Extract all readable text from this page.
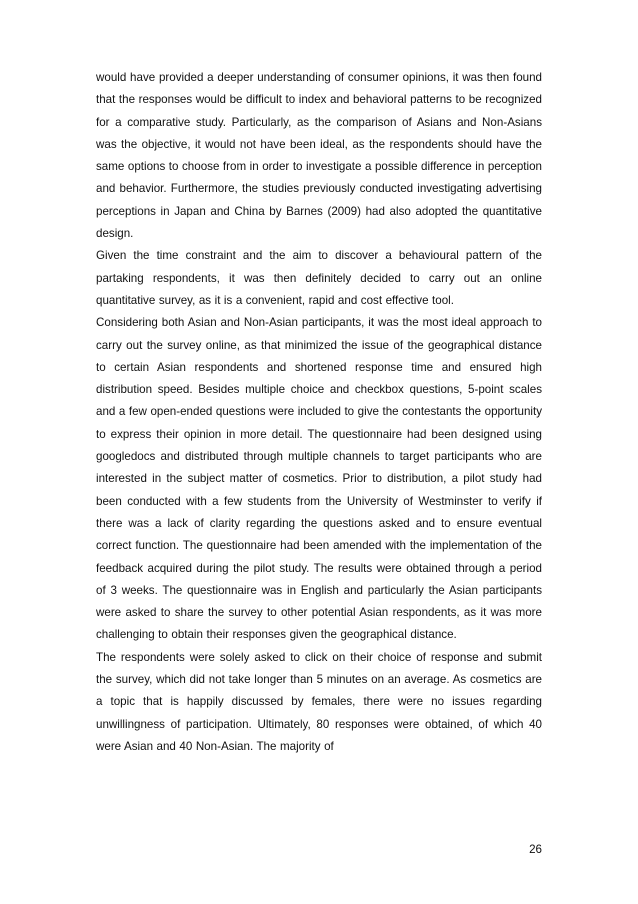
would have provided a deeper understanding of consumer opinions, it was then found that the responses would be difficult to index and behavioral patterns to be recognized for a comparative study. Particularly, as the comparison of Asians and Non-Asians was the objective, it would not have been ideal, as the respondents should have the same options to choose from in order to investigate a possible difference in perception and behavior. Furthermore, the studies previously conducted investigating advertising perceptions in Japan and China by Barnes (2009) had also adopted the quantitative design.

Given the time constraint and the aim to discover a behavioural pattern of the partaking respondents, it was then definitely decided to carry out an online quantitative survey, as it is a convenient, rapid and cost effective tool.

Considering both Asian and Non-Asian participants, it was the most ideal approach to carry out the survey online, as that minimized the issue of the geographical distance to certain Asian respondents and shortened response time and ensured high distribution speed. Besides multiple choice and checkbox questions, 5-point scales and a few open-ended questions were included to give the contestants the opportunity to express their opinion in more detail. The questionnaire had been designed using googledocs and distributed through multiple channels to target participants who are interested in the subject matter of cosmetics. Prior to distribution, a pilot study had been conducted with a few students from the University of Westminster to verify if there was a lack of clarity regarding the questions asked and to ensure eventual correct function. The questionnaire had been amended with the implementation of the feedback acquired during the pilot study. The results were obtained through a period of 3 weeks. The questionnaire was in English and particularly the Asian participants were asked to share the survey to other potential Asian respondents, as it was more challenging to obtain their responses given the geographical distance.

The respondents were solely asked to click on their choice of response and submit the survey, which did not take longer than 5 minutes on an average. As cosmetics are a topic that is happily discussed by females, there were no issues regarding unwillingness of participation. Ultimately, 80 responses were obtained, of which 40 were Asian and 40 Non-Asian. The majority of

26
